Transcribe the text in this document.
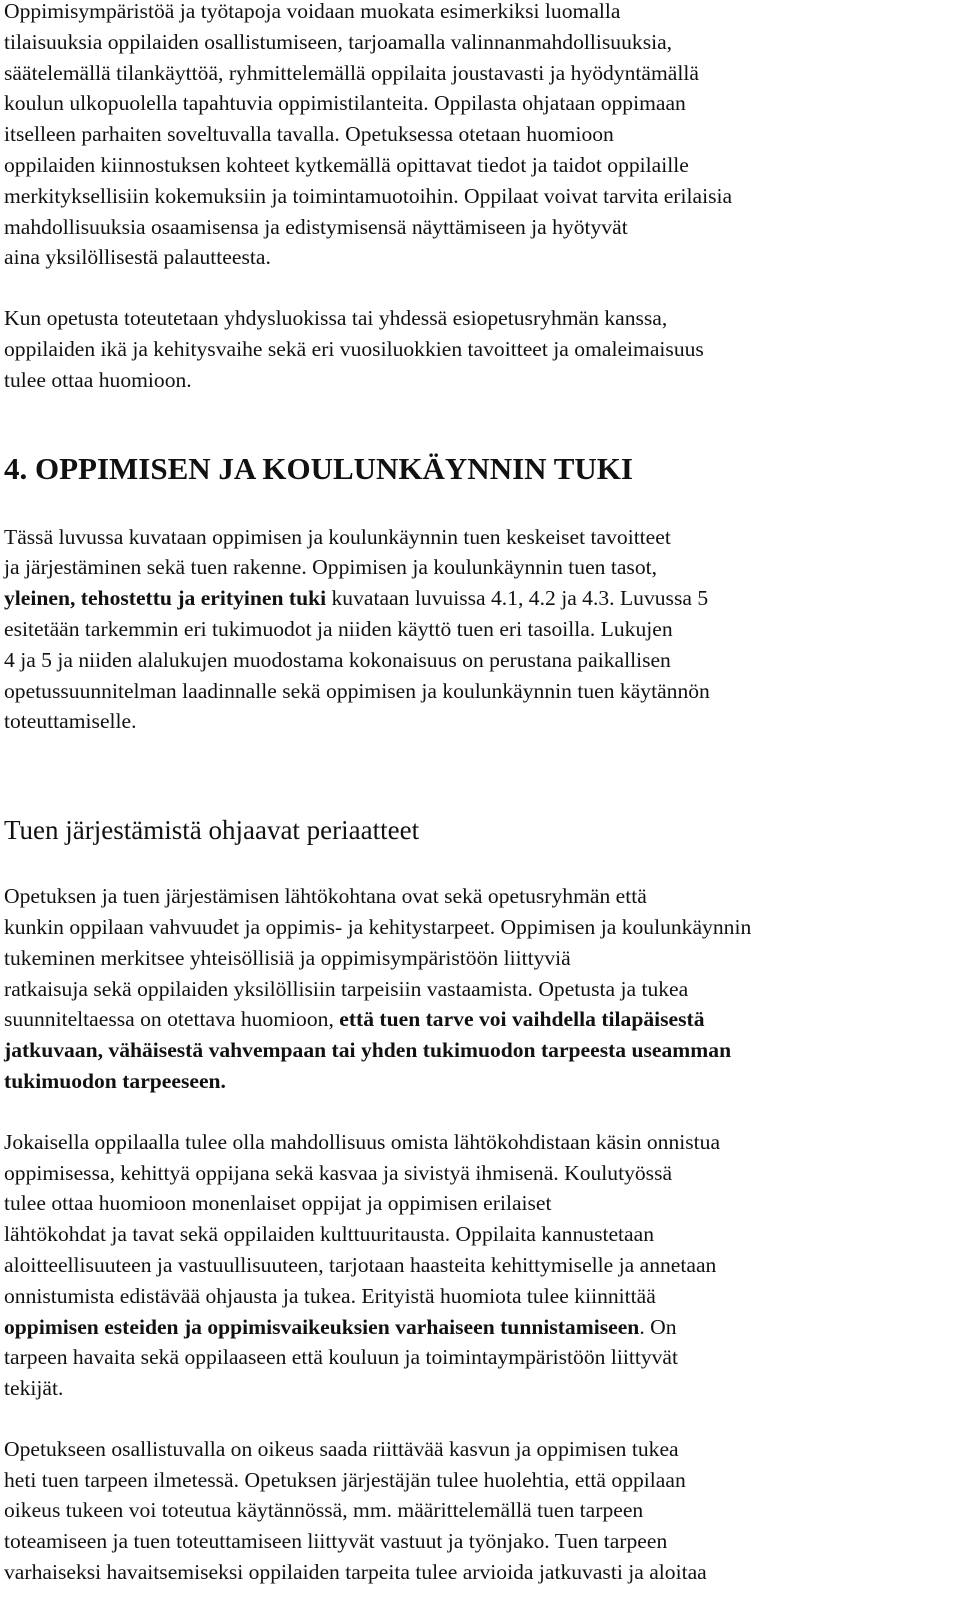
Oppimisympäristöä ja työtapoja voidaan muokata esimerkiksi luomalla
tilaisuuksia oppilaiden osallistumiseen, tarjoamalla valinnanmahdollisuuksia,
säätelemällä tilankäyttöä, ryhmittelemällä oppilaita joustavasti ja hyödyntämällä
koulun ulkopuolella tapahtuvia oppimistilanteita. Oppilasta ohjataan oppimaan
itselleen parhaiten soveltuvalla tavalla. Opetuksessa otetaan huomioon
oppilaiden kiinnostuksen kohteet kytkemällä opittavat tiedot ja taidot oppilaille
merkityksellisiin kokemuksiin ja toimintamuotoihin. Oppilaat voivat tarvita erilaisia
mahdollisuuksia osaamisensa ja edistymisensä näyttämiseen ja hyötyvät
aina yksilöllisestä palautteesta.

Kun opetusta toteutetaan yhdysluokissa tai yhdessä esiopetusryhmän kanssa,
oppilaiden ikä ja kehitysvaihe sekä eri vuosiluokkien tavoitteet ja omaleimaisuus
tulee ottaa huomioon.

4. OPPIMISEN JA KOULUNKÄYNNIN TUKI

Tässä luvussa kuvataan oppimisen ja koulunkäynnin tuen keskeiset tavoitteet
ja järjestäminen sekä tuen rakenne. Oppimisen ja koulunkäynnin tuen tasot,
yleinen, tehostettu ja erityinen tuki kuvataan luvuissa 4.1, 4.2 ja 4.3. Luvussa 5
esitetään tarkemmin eri tukimuodot ja niiden käyttö tuen eri tasoilla. Lukujen
4 ja 5 ja niiden alalukujen muodostama kokonaisuus on perustana paikallisen
opetussuunnitelman laadinnalle sekä oppimisen ja koulunkäynnin tuen käytännön
toteuttamiselle.

Tuen järjestämistä ohjaavat periaatteet

Opetuksen ja tuen järjestämisen lähtökohtana ovat sekä opetusryhmän että
kunkin oppilaan vahvuudet ja oppimis- ja kehitystarpeet. Oppimisen ja koulunkäynnin
tukeminen merkitsee yhteisöllisiä ja oppimisympäristöön liittyviä
ratkaisuja sekä oppilaiden yksilöllisiin tarpeisiin vastaamista. Opetusta ja tukea
suunniteltaessa on otettava huomioon, että tuen tarve voi vaihdella tilapäisestä
jatkuvaan, vähäisestä vahvempaan tai yhden tukimuodon tarpeesta useamman
tukimuodon tarpeeseen.

Jokaisella oppilaalla tulee olla mahdollisuus omista lähtökohdistaan käsin onnistua
oppimisessa, kehittyä oppijana sekä kasvaa ja sivistyä ihmisenä. Koulutyössä
tulee ottaa huomioon monenlaiset oppijat ja oppimisen erilaiset
lähtökohdat ja tavat sekä oppilaiden kulttuuritausta. Oppilaita kannustetaan
aloitteellisuuteen ja vastuullisuuteen, tarjotaan haasteita kehittymiselle ja annetaan
onnistumista edistävää ohjausta ja tukea. Erityistä huomiota tulee kiinnittää
oppimisen esteiden ja oppimisvaikeuksien varhaiseen tunnistamiseen. On
tarpeen havaita sekä oppilaaseen että kouluun ja toimintaympäristöön liittyvät
tekijät.

Opetukseen osallistuvalla on oikeus saada riittävää kasvun ja oppimisen tukea
heti tuen tarpeen ilmetessä. Opetuksen järjestäjän tulee huolehtia, että oppilaan
oikeus tukeen voi toteutua käytännössä, mm. määrittelemällä tuen tarpeen
toteamiseen ja tuen toteuttamiseen liittyvät vastuut ja työnjako. Tuen tarpeen
varhaiseksi havaitsemiseksi oppilaiden tarpeita tulee arvioida jatkuvasti ja aloitaa
